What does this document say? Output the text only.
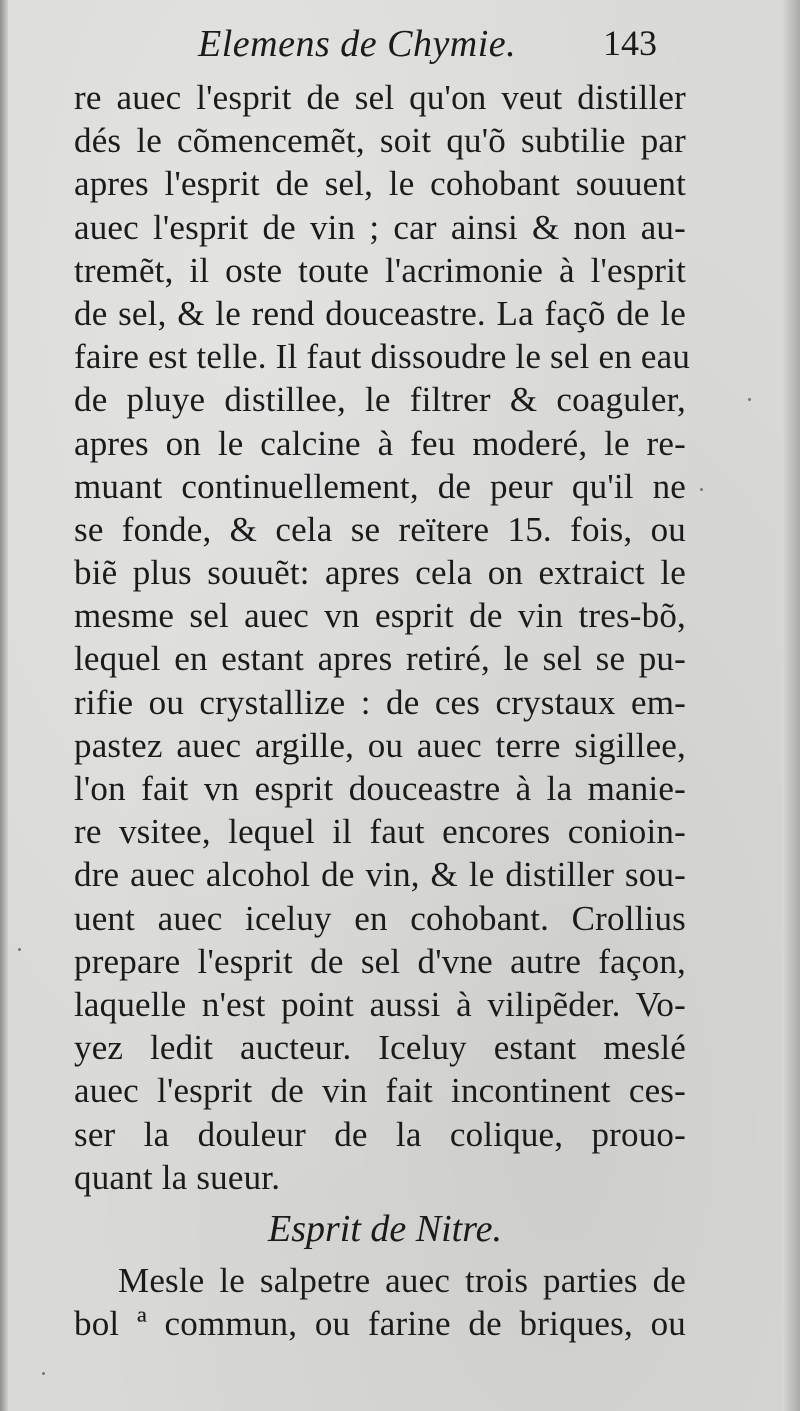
Elemens de Chymie. 143
re auec l'esprit de sel qu'on veut distiller
dés le cõmencemẽt, soit qu'õ subtilie par
apres l'esprit de sel, le cohobant souuent
auec l'esprit de vin ; car ainsi & non au-
tremẽt, il oste toute l'acrimonie à l'esprit
de sel, & le rend douceastre. La façõ de le
faire est telle. Il faut dissoudre le sel en eau
de pluye distillee, le filtrer & coaguler,
apres on le calcine à feu moderé, le re-
muant continuellement, de peur qu'il ne
se fonde, & cela se reïtere 15. fois, ou
biẽ plus souuẽt: apres cela on extraict le
mesme sel auec vn esprit de vin tres-bõ,
lequel en estant apres retiré, le sel se pu-
rifie ou crystallize : de ces crystaux em-
pastez auec argille, ou auec terre sigillee,
l'on fait vn esprit douceastre à la manie-
re vsitee, lequel il faut encores conioin-
dre auec alcohol de vin, & le distiller sou-
uent auec iceluy en cohobant. Crollius
prepare l'esprit de sel d'vne autre façon,
laquelle n'est point aussi à vilipẽder. Vo-
yez ledit aucteur. Iceluy estant meslé
auec l'esprit de vin fait incontinent ces-
ser la douleur de la colique, prouo-
quant la sueur.
Esprit de Nitre.
Mesle le salpetre auec trois parties de
bol ª commun, ou farine de briques, ou
